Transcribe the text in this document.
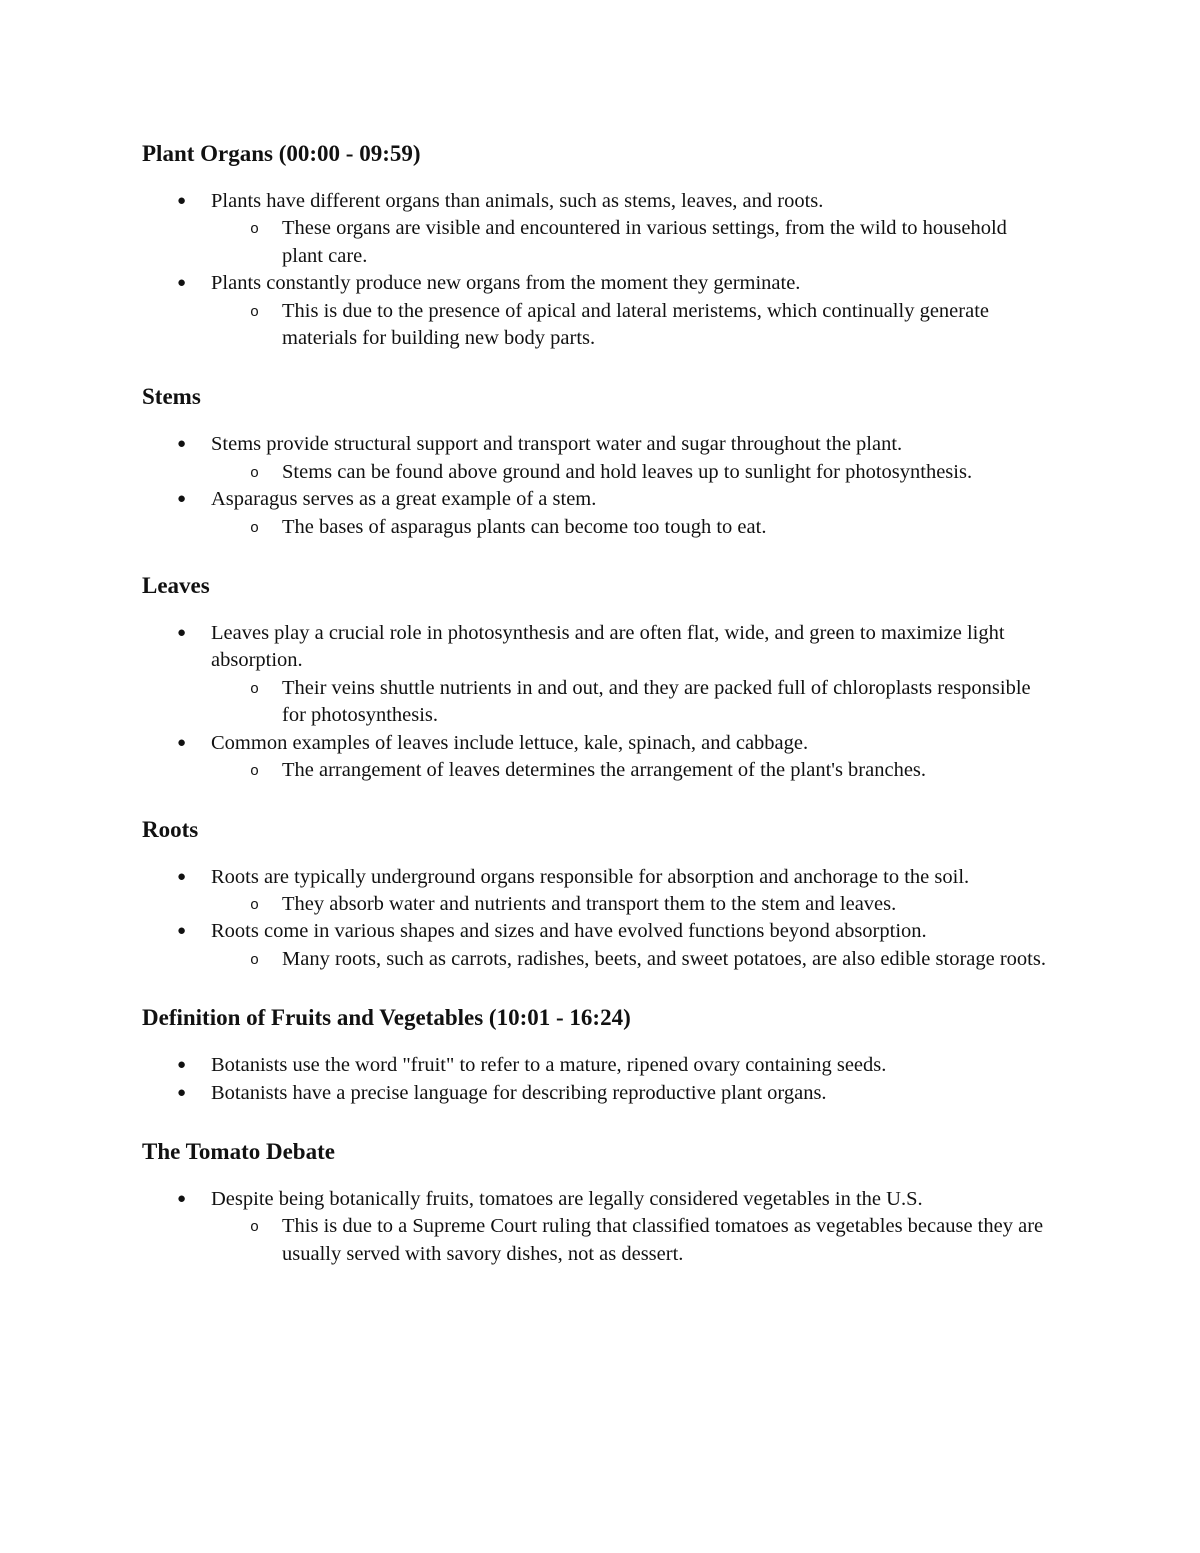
Plant Organs (00:00 - 09:59)
● Plants have different organs than animals, such as stems, leaves, and roots.
o These organs are visible and encountered in various settings, from the wild to household plant care.
● Plants constantly produce new organs from the moment they germinate.
o This is due to the presence of apical and lateral meristems, which continually generate materials for building new body parts.
Stems
● Stems provide structural support and transport water and sugar throughout the plant.
o Stems can be found above ground and hold leaves up to sunlight for photosynthesis.
● Asparagus serves as a great example of a stem.
o The bases of asparagus plants can become too tough to eat.
Leaves
● Leaves play a crucial role in photosynthesis and are often flat, wide, and green to maximize light absorption.
o Their veins shuttle nutrients in and out, and they are packed full of chloroplasts responsible for photosynthesis.
● Common examples of leaves include lettuce, kale, spinach, and cabbage.
o The arrangement of leaves determines the arrangement of the plant's branches.
Roots
● Roots are typically underground organs responsible for absorption and anchorage to the soil.
o They absorb water and nutrients and transport them to the stem and leaves.
● Roots come in various shapes and sizes and have evolved functions beyond absorption.
o Many roots, such as carrots, radishes, beets, and sweet potatoes, are also edible storage roots.
Definition of Fruits and Vegetables (10:01 - 16:24)
● Botanists use the word "fruit" to refer to a mature, ripened ovary containing seeds.
● Botanists have a precise language for describing reproductive plant organs.
The Tomato Debate
● Despite being botanically fruits, tomatoes are legally considered vegetables in the U.S.
o This is due to a Supreme Court ruling that classified tomatoes as vegetables because they are usually served with savory dishes, not as dessert.
